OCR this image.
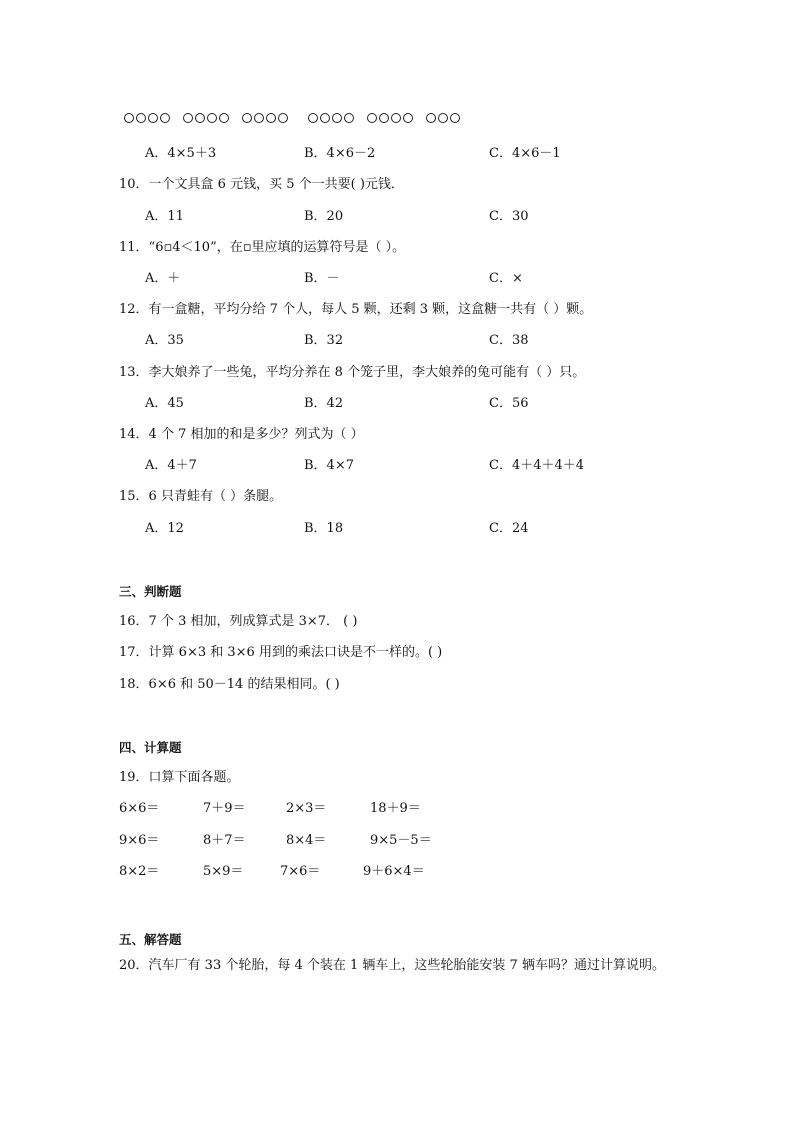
A．4×5＋3	B．4×6－2	C．4×6－1
10．一个文具盒 6 元钱，买 5 个一共要( )元钱．
A．11	B．20	C．30
11．“6▫4＜10”，在▫里应填的运算符号是（ ）。
A．＋	B．－	C．×
12．有一盒糖，平均分给 7 个人，每人 5 颗，还剩 3 颗，这盒糖一共有（ ）颗。
A．35	B．32	C．38
13．李大娘养了一些兔，平均分养在 8 个笼子里，李大娘养的兔可能有（ ）只。
A．45	B．42	C．56
14．4 个 7 相加的和是多少？列式为（ ）
A．4＋7	B．4×7	C．4＋4＋4＋4
15．6 只青蛙有（ ）条腿。
A．12	B．18	C．24
三、判断题
16．7 个 3 相加，列成算式是 3×7． ( )
17．计算 6×3 和 3×6 用到的乘法口诀是不一样的。( )
18．6×6 和 50－14 的结果相同。( )
四、计算题
19．口算下面各题。
6×6＝	7＋9＝	2×3＝	18＋9＝
9×6＝	8＋7＝	8×4＝	9×5－5＝
8×2＝	5×9＝	7×6＝	9＋6×4＝
五、解答题
20．汽车厂有 33 个轮胎，每 4 个装在 1 辆车上，这些轮胎能安装 7 辆车吗？通过计算说明。
